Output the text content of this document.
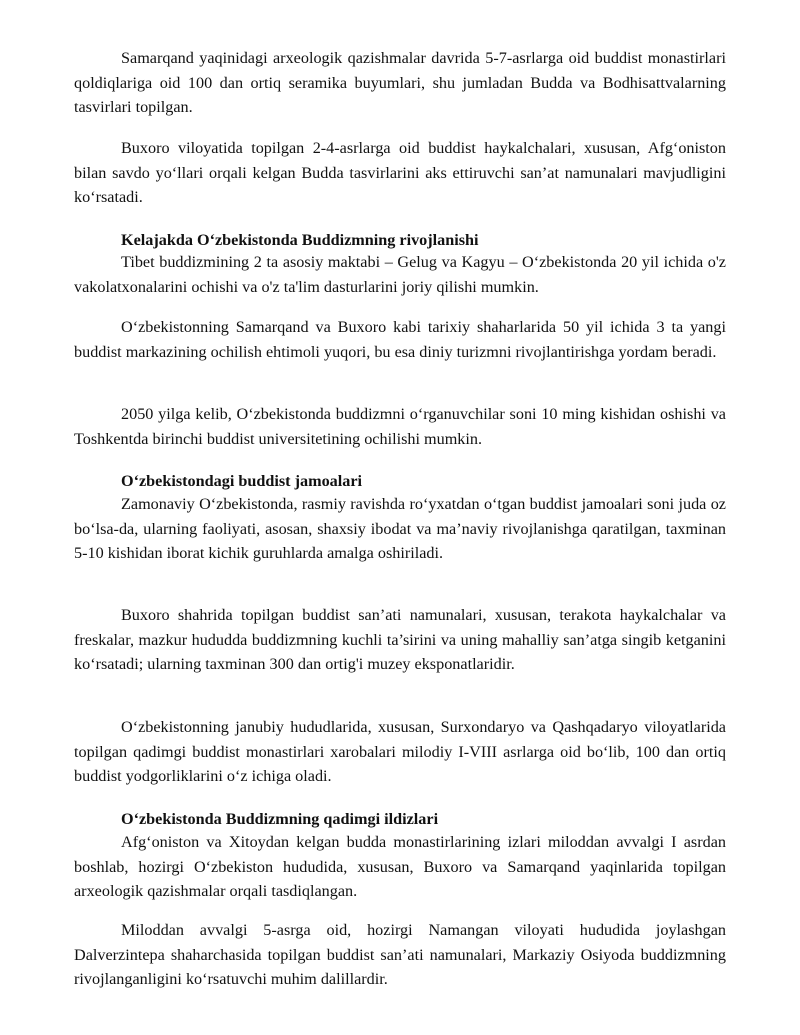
Samarqand yaqinidagi arxeologik qazishmalar davrida 5-7-asrlarga oid buddist monastirlari qoldiqlariga oid 100 dan ortiq seramika buyumlari, shu jumladan Budda va Bodhisattvalarning tasvirlari topilgan.

Buxoro viloyatida topilgan 2-4-asrlarga oid buddist haykalchalari, xususan, Afg‘oniston bilan savdo yo‘llari orqali kelgan Budda tasvirlarini aks ettiruvchi san’at namunalari mavjudligini ko‘rsatadi.

Kelajakda O‘zbekistonda Buddizmning rivojlanishi

Tibet buddizmining 2 ta asosiy maktabi – Gelug va Kagyu – O‘zbekistonda 20 yil ichida o'z vakolatxonalarini ochishi va o'z ta'lim dasturlarini joriy qilishi mumkin.

O‘zbekistonning Samarqand va Buxoro kabi tarixiy shaharlarida 50 yil ichida 3 ta yangi buddist markazining ochilish ehtimoli yuqori, bu esa diniy turizmni rivojlantirishga yordam beradi.

2050 yilga kelib, O‘zbekistonda buddizmni o‘rganuvchilar soni 10 ming kishidan oshishi va Toshkentda birinchi buddist universitetining ochilishi mumkin.

O‘zbekistondagi buddist jamoalari

Zamonaviy O‘zbekistonda, rasmiy ravishda ro‘yxatdan o‘tgan buddist jamoalari soni juda oz bo‘lsa-da, ularning faoliyati, asosan, shaxsiy ibodat va ma’naviy rivojlanishga qaratilgan, taxminan 5-10 kishidan iborat kichik guruhlarda amalga oshiriladi.

Buxoro shahrida topilgan buddist san’ati namunalari, xususan, terakota haykalchalar va freskalar, mazkur hududda buddizmning kuchli ta’sirini va uning mahalliy san’atga singib ketganini ko‘rsatadi; ularning taxminan 300 dan ortig'i muzey eksponatlaridir.

O‘zbekistonning janubiy hududlarida, xususan, Surxondaryo va Qashqadaryo viloyatlarida topilgan qadimgi buddist monastirlari xarobalari milodiy I-VIII asrlarga oid bo‘lib, 100 dan ortiq buddist yodgorliklarini o‘z ichiga oladi.

O‘zbekistonda Buddizmning qadimgi ildizlari

Afg‘oniston va Xitoydan kelgan budda monastirlarining izlari miloddan avvalgi I asrdan boshlab, hozirgi O‘zbekiston hududida, xususan, Buxoro va Samarqand yaqinlarida topilgan arxeologik qazishmalar orqali tasdiqlangan.

Miloddan avvalgi 5-asrga oid, hozirgi Namangan viloyati hududida joylashgan Dalverzintepa shaharchasida topilgan buddist san’ati namunalari, Markaziy Osiyoda buddizmning rivojlanganligini ko‘rsatuvchi muhim dalillardir.
